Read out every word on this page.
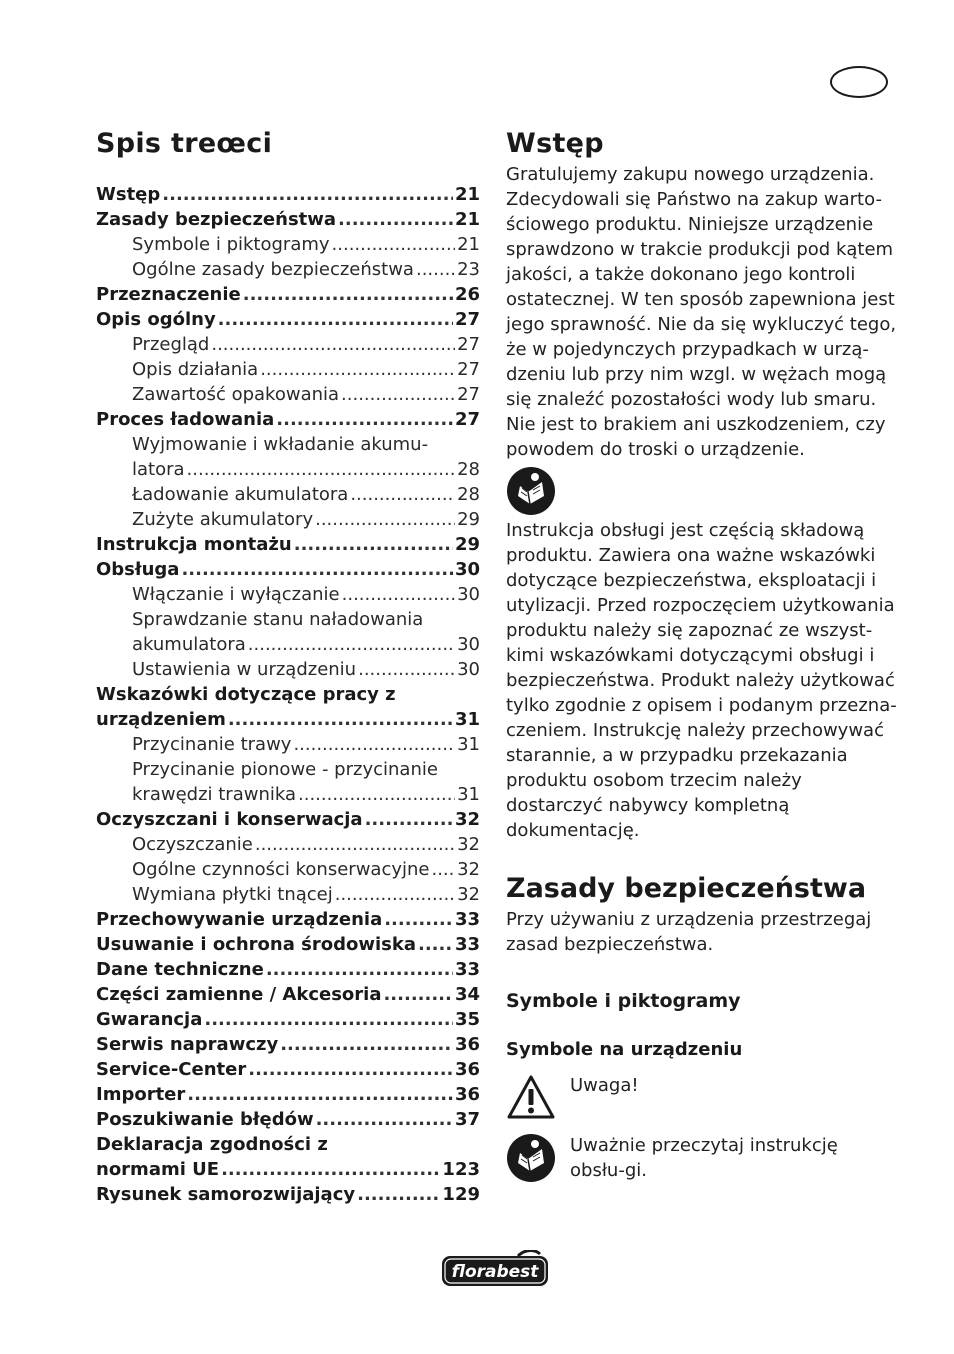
Spis treœci
Wstęp .....	21
Zasady bezpieczeństwa .....	21
Symbole i piktogramy .....	21
Ogólne zasady bezpieczeństwa ..... 23
Przeznaczenie .....	26
Opis ogólny .....	27
Przegląd .....	27
Opis działania .....	27
Zawartość opakowania .....	27
Proces ładowania .....	27
Wyjmowanie i wkładanie akumu-
latora .....	28
Ładowanie akumulatora .....	28
Zużyte akumulatory .....	29
Instrukcja montażu .....	29
Obsługa .....	30
Włączanie i wyłączanie .....	30
Sprawdzanie stanu naładowania
akumulatora .....	30
Ustawienia w urządzeniu .....	30
Wskazówki dotyczące pracy z
urządzeniem .....	31
Przycinanie trawy .....	31
Przycinanie pionowe - przycinanie
krawędzi trawnika .....	31
Oczyszczani i konserwacja .....	32
Oczyszczanie .....	32
Ogólne czynności konserwacyjne ..... 32
Wymiana płytki tnącej .....	32
Przechowywanie urządzenia .....	33
Usuwanie i ochrona środowiska ..... 33
Dane techniczne .....	33
Części zamienne / Akcesoria .....	34
Gwarancja .....	35
Serwis naprawczy .....	36
Service-Center .....	36
Importer .....	36
Poszukiwanie błędów .....	37
Deklaracja zgodności z
normami UE .....	123
Rysunek samorozwijający .....	129
Wstęp

Gratulujemy zakupu nowego urządzenia. Zdecydowali się Państwo na zakup warto-ściowego produktu. Niniejsze urządzenie sprawdzono w trakcie produkcji pod kątem jakości, a także dokonano jego kontroli ostatecznej. W ten sposób zapewniona jest jego sprawność. Nie da się wykluczyć tego, że w pojedynczych przypadkach w urzą-dzeniu lub przy nim wzgl. w wężach mogą się znaleźć pozostałości wody lub smaru. Nie jest to brakiem ani uszkodzeniem, czy powodem do troski o urządzenie.

Instrukcja obsługi jest częścią składową produktu. Zawiera ona ważne wskazówki dotyczące bezpieczeństwa, eksploatacji i utylizacji. Przed rozpoczęciem użytkowania produktu należy się zapoznać ze wszyst-kimi wskazówkami dotyczącymi obsługi i bezpieczeństwa. Produkt należy użytkować tylko zgodnie z opisem i podanym przezna-czeniem. Instrukcję należy przechowywać starannie, a w przypadku przekazania produktu osobom trzecim należy dostarczyć nabywcy kompletną dokumentację.

Zasady bezpieczeństwa

Przy używaniu z urządzenia przestrzegaj zasad bezpieczeństwa.

Symbole i piktogramy
Symbole na urządzeniu
Uwaga!
Uważnie przeczytaj instrukcję obsłu-gi.
florabest
